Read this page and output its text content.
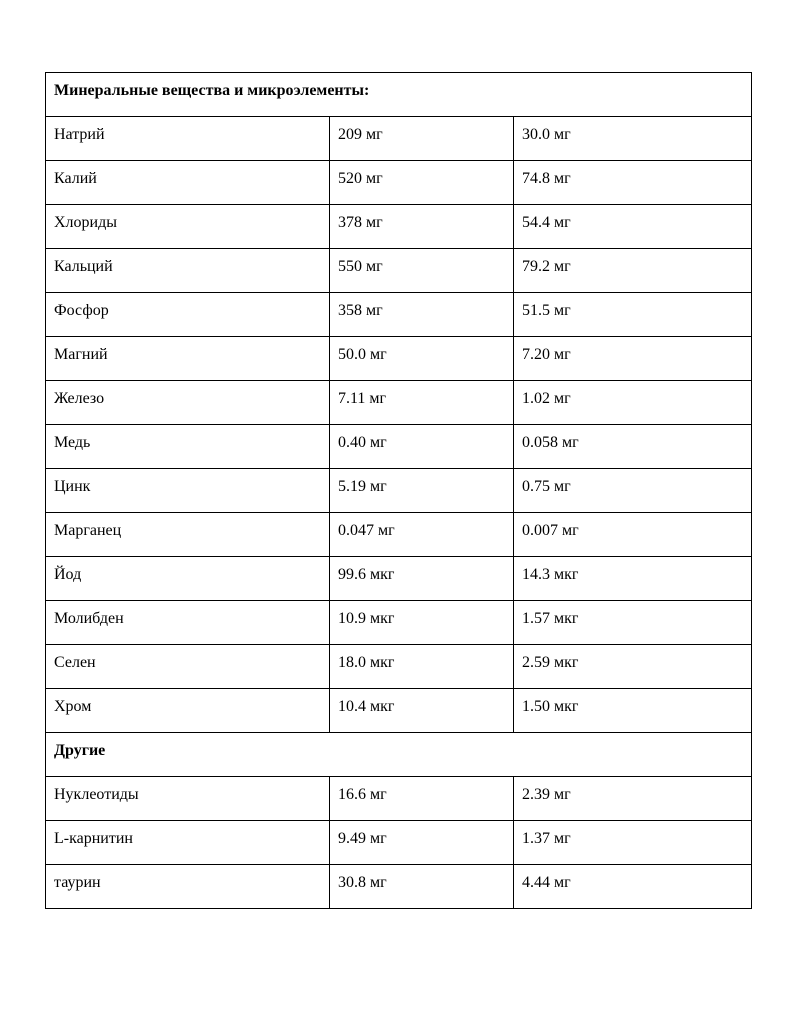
Минеральные вещества и микроэлементы:		
Натрий	209 мг	30.0 мг
Калий	520 мг	74.8 мг
Хлориды	378 мг	54.4 мг
Кальций	550 мг	79.2 мг
Фосфор	358 мг	51.5 мг
Магний	50.0 мг	7.20 мг
Железо	7.11 мг	1.02 мг
Медь	0.40 мг	0.058 мг
Цинк	5.19 мг	0.75 мг
Марганец	0.047 мг	0.007 мг
Йод	99.6 мкг	14.3 мкг
Молибден	10.9 мкг	1.57 мкг
Селен	18.0 мкг	2.59 мкг
Хром	10.4 мкг	1.50 мкг
Другие		
Нуклеотиды	16.6 мг	2.39 мг
L-карнитин	9.49 мг	1.37 мг
таурин	30.8 мг	4.44 мг
